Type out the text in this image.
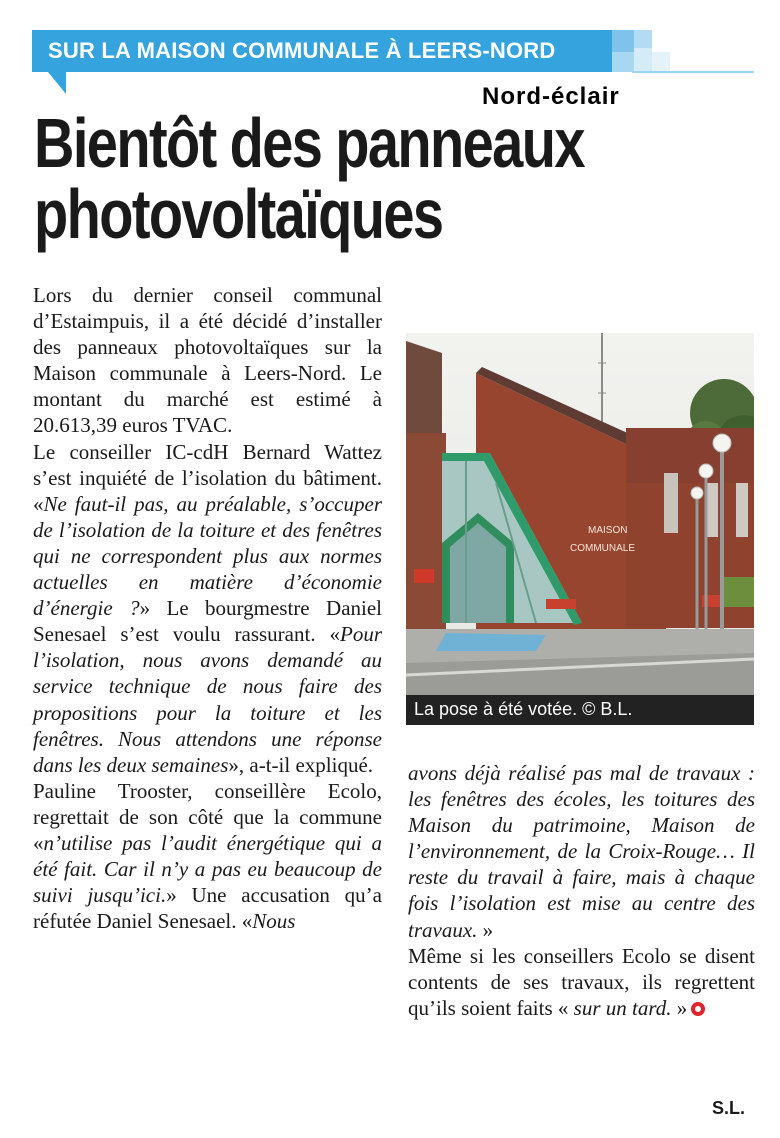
SUR LA MAISON COMMUNALE À LEERS-NORD
Nord-éclair
Bientôt des panneaux
photovoltaïques

Lors du dernier conseil communal d’Estaimpuis, il a été décidé d’installer des panneaux photovoltaïques sur la Maison communale à Leers-Nord. Le montant du marché est estimé à 20.613,39 euros TVAC.

Le conseiller IC-cdH Bernard Wattez s’est inquiété de l’isolation du bâtiment. «Ne faut-il pas, au préalable, s’occuper de l’isolation de la toiture et des fenêtres qui ne correspondent plus aux normes actuelles en matière d’économie d’énergie ?» Le bourgmestre Daniel Senesael s’est voulu rassurant. «Pour l’isolation, nous avons demandé au service technique de nous faire des propositions pour la toiture et les fenêtres. Nous attendons une réponse dans les deux semaines», a-t-il expliqué.

Pauline Trooster, conseillère Ecolo, regrettait de son côté que la commune «n’utilise pas l’audit énergétique qui a été fait. Car il n’y a pas eu beaucoup de suivi jusqu’ici.» Une accusation qu’a réfutée Daniel Senesael. «Nous

MAISON
COMMUNALE
La pose à été votée. © B.L.

avons déjà réalisé pas mal de travaux : les fenêtres des écoles, les toitures des Maison du patrimoine, Maison de l’environnement, de la Croix-Rouge… Il reste du travail à faire, mais à chaque fois l’isolation est mise au centre des travaux. »

Même si les conseillers Ecolo se disent contents de ses travaux, ils regrettent qu’ils soient faits « sur un tard. »

S.L.
